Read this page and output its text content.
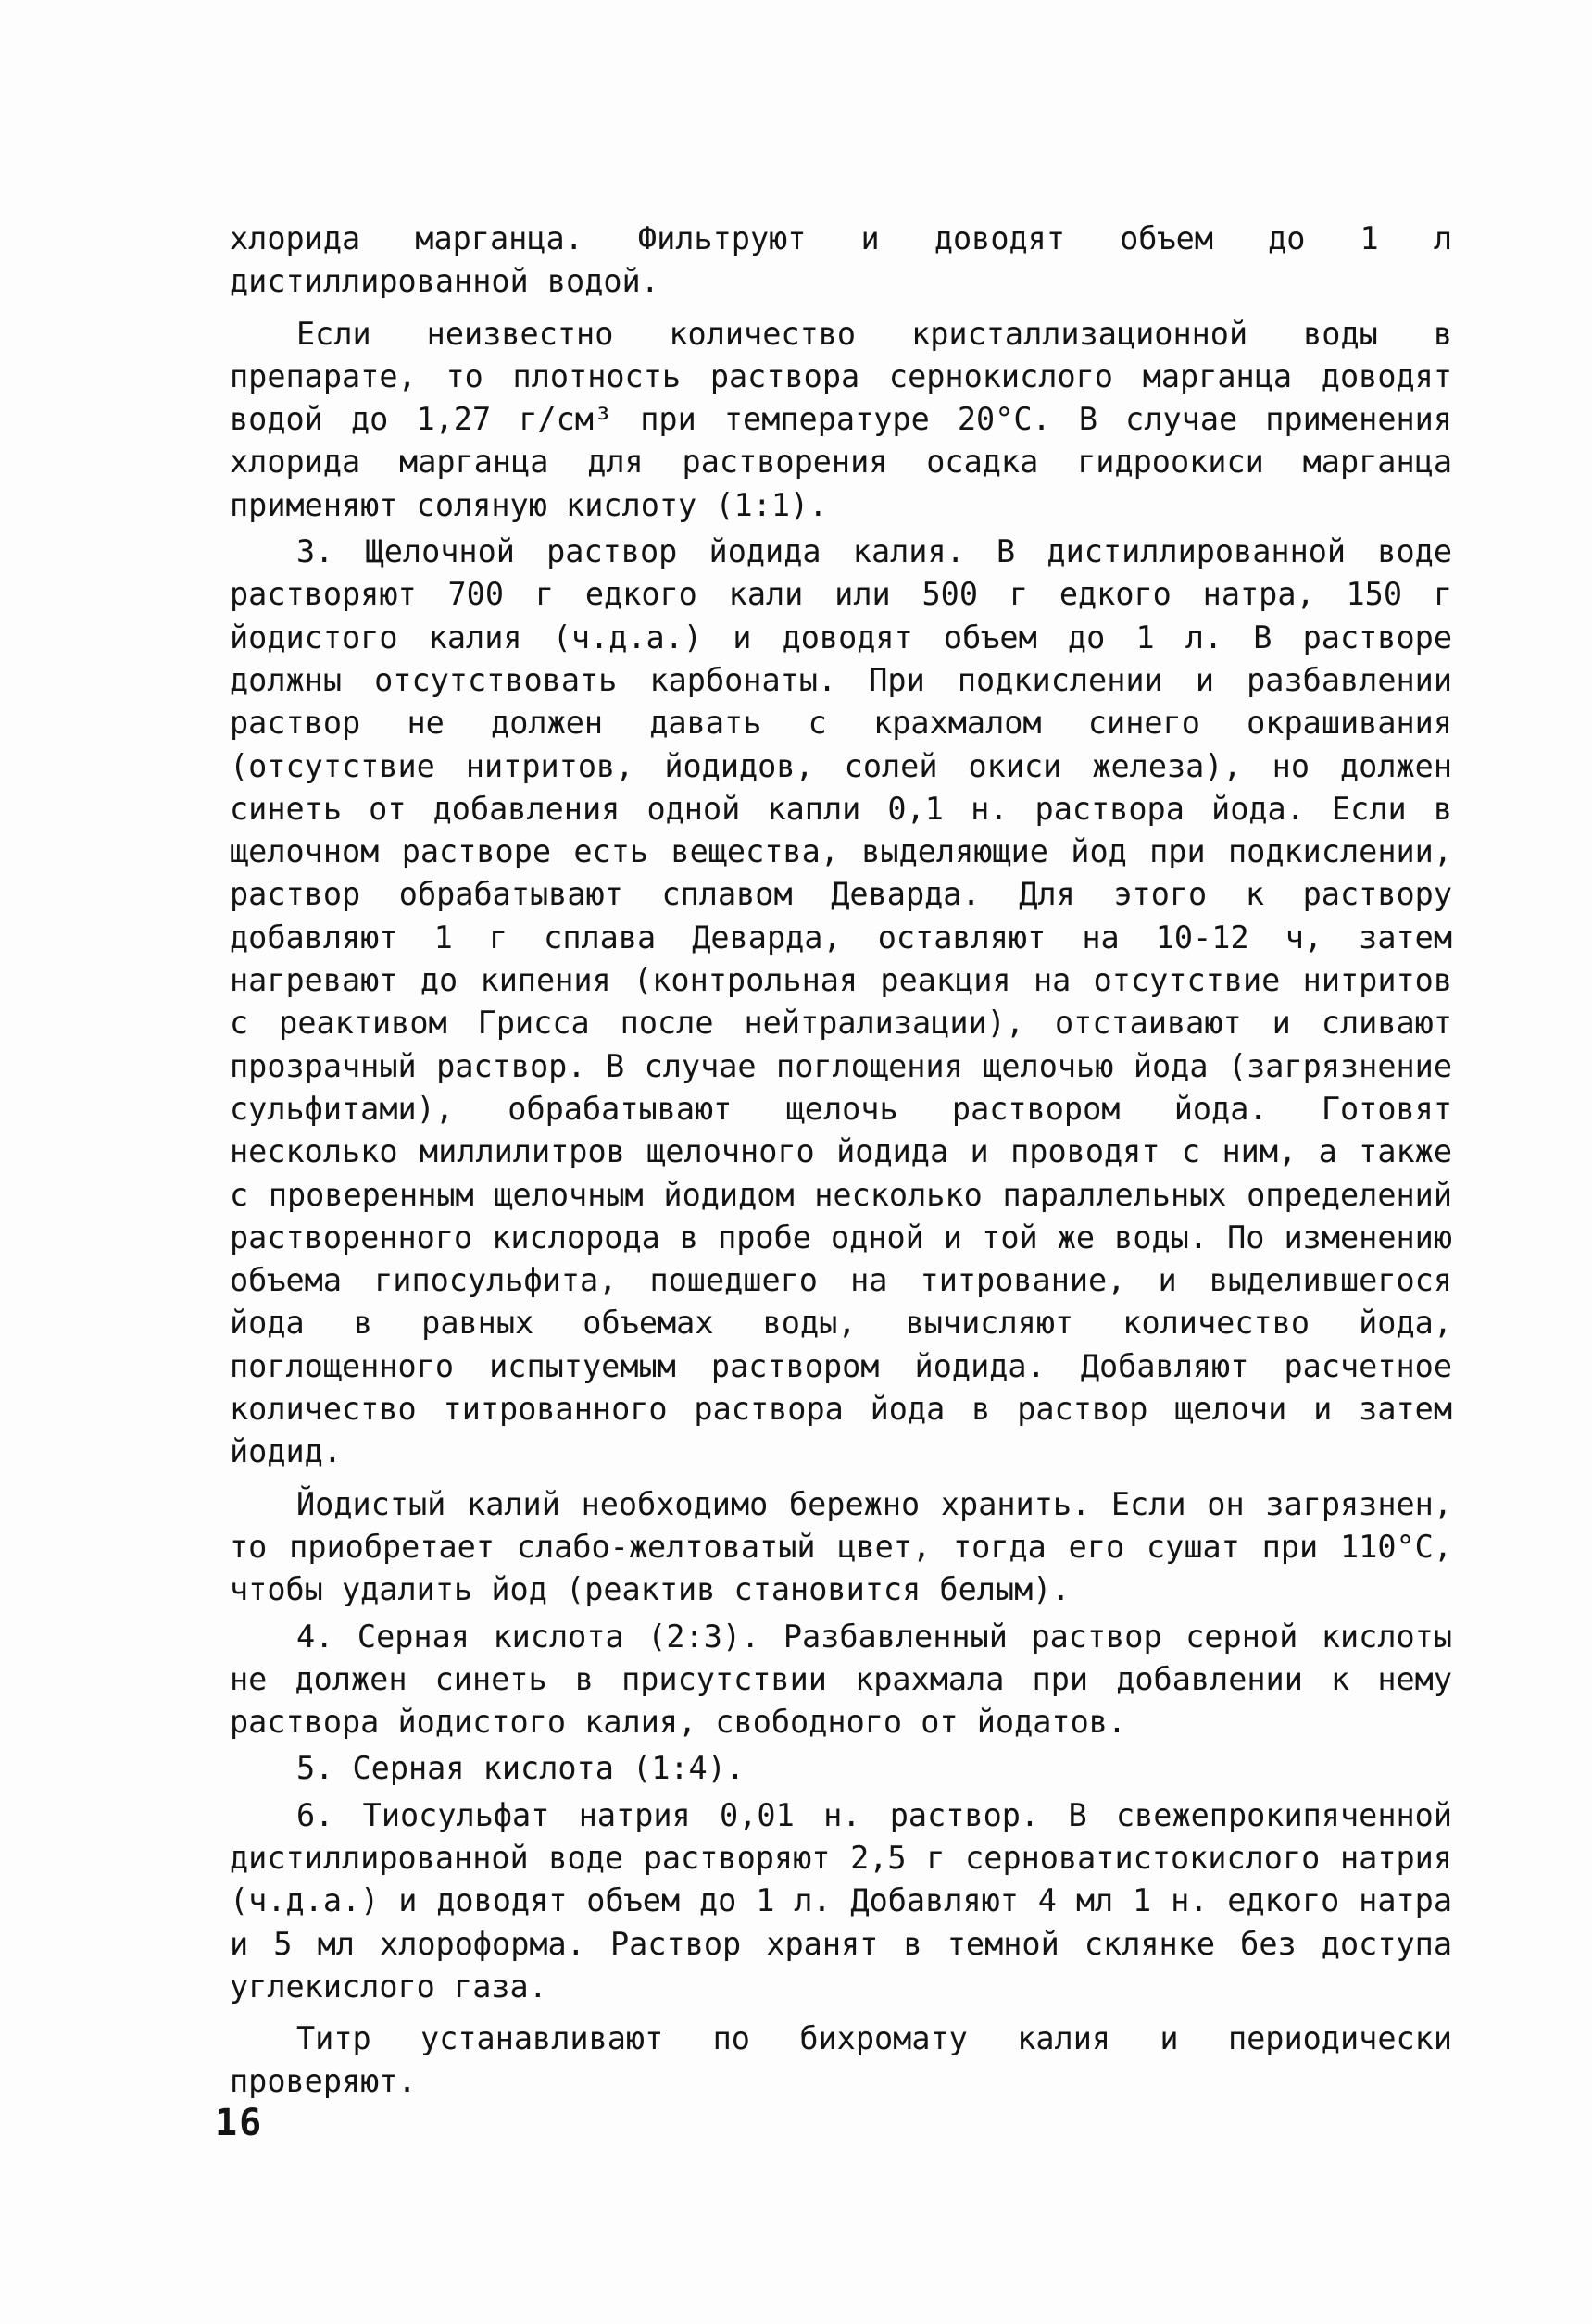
хлорида марганца. Фильтруют и доводят объем до 1 л дистиллированной водой.

Если неизвестно количество кристаллизационной воды в препарате, то плотность раствора сернокислого марганца доводят водой до 1,27 г/см³ при температуре 20°С. В случае применения хлорида марганца для растворения осадка гидроокиси марганца применяют соляную кислоту (1:1).

3. Щелочной раствор йодида калия. В дистиллированной воде растворяют 700 г едкого кали или 500 г едкого натра, 150 г йодистого калия (ч.д.а.) и доводят объем до 1 л. В растворе должны отсутствовать карбонаты. При подкислении и разбавлении раствор не должен давать с крахмалом синего окрашивания (отсутствие нитритов, йодидов, солей окиси железа), но должен синеть от добавления одной капли 0,1 н. раствора йода. Если в щелочном растворе есть вещества, выделяющие йод при подкислении, раствор обрабатывают сплавом Деварда. Для этого к раствору добавляют 1 г сплава Деварда, оставляют на 10-12 ч, затем нагревают до кипения (контрольная реакция на отсутствие нитритов с реактивом Грисса после нейтрализации), отстаивают и сливают прозрачный раствор. В случае поглощения щелочью йода (загрязнение сульфитами), обрабатывают щелочь раствором йода. Готовят несколько миллилитров щелочного йодида и проводят с ним, а также с проверенным щелочным йодидом несколько параллельных определений растворенного кислорода в пробе одной и той же воды. По изменению объема гипосульфита, пошедшего на титрование, и выделившегося йода в равных объемах воды, вычисляют количество йода, поглощенного испытуемым раствором йодида. Добавляют расчетное количество титрованного раствора йода в раствор щелочи и затем йодид.

Йодистый калий необходимо бережно хранить. Если он загрязнен, то приобретает слабо-желтоватый цвет, тогда его сушат при 110°С, чтобы удалить йод (реактив становится белым).

4. Серная кислота (2:3). Разбавленный раствор серной кислоты не должен синеть в присутствии крахмала при добавлении к нему раствора йодистого калия, свободного от йодатов.

5. Серная кислота (1:4).

6. Тиосульфат натрия 0,01 н. раствор. В свежепрокипяченной дистиллированной воде растворяют 2,5 г серноватистокислого натрия (ч.д.а.) и доводят объем до 1 л. Добавляют 4 мл 1 н. едкого натра и 5 мл хлороформа. Раствор хранят в темной склянке без доступа углекислого газа.

Титр устанавливают по бихромату калия и периодически проверяют.

16
